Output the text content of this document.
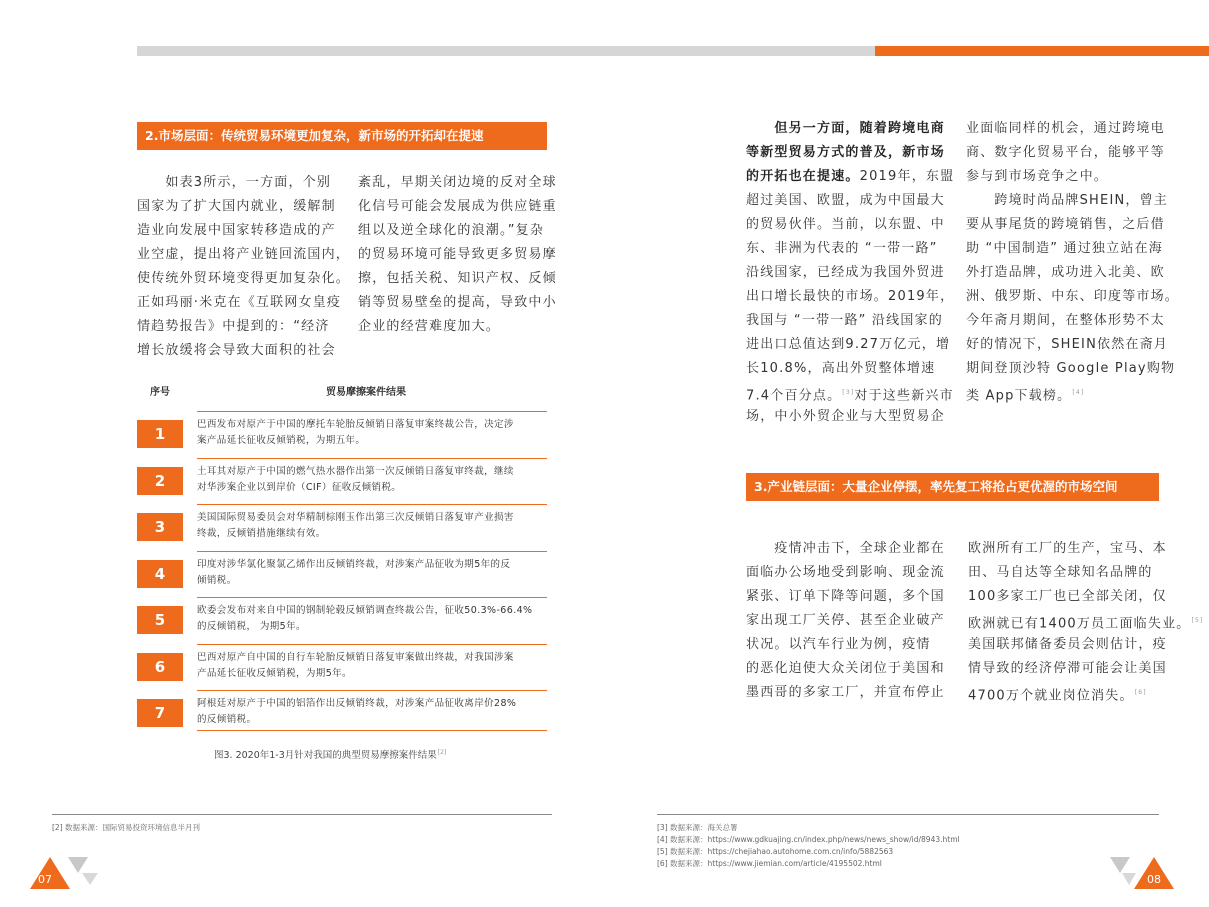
2.市场层面：传统贸易环境更加复杂，新市场的开拓却在提速
　　如表3所示，一方面，个别
国家为了扩大国内就业，缓解制
造业向发展中国家转移造成的产
业空虚，提出将产业链回流国内，
使传统外贸环境变得更加复杂化。
正如玛丽·米克在《互联网女皇疫
情趋势报告》中提到的：“经济
增长放缓将会导致大面积的社会
紊乱，早期关闭边境的反对全球
化信号可能会发展成为供应链重
组以及逆全球化的浪潮。”复杂
的贸易环境可能导致更多贸易摩
擦，包括关税、知识产权、反倾
销等贸易壁垒的提高，导致中小
企业的经营难度加大。
序号	贸易摩擦案件结果
1
巴西发布对原产于中国的摩托车轮胎反倾销日落复审案终裁公告，决定涉
案产品延长征收反倾销税，为期五年。
2
土耳其对原产于中国的燃气热水器作出第一次反倾销日落复审终裁，继续
对华涉案企业以到岸价（CIF）征收反倾销税。
3
美国国际贸易委员会对华精制棕刚玉作出第三次反倾销日落复审产业损害
终裁，反倾销措施继续有效。
4
印度对涉华氯化聚氯乙烯作出反倾销终裁，对涉案产品征收为期5年的反
倾销税。
5
欧委会发布对来自中国的钢制轮毂反倾销调查终裁公告，征收50.3%-66.4%
的反倾销税， 为期5年。
6
巴西对原产自中国的自行车轮胎反倾销日落复审案做出终裁，对我国涉案
产品延长征收反倾销税，为期5年。
7
阿根廷对原产于中国的铝箔作出反倾销终裁，对涉案产品征收离岸价28%
的反倾销税。
图3. 2020年1-3月针对我国的典型贸易摩擦案件结果[2]
[2] 数据来源：国际贸易投资环境信息半月刊
07
　　但另一方面，随着跨境电商
等新型贸易方式的普及，新市场
的开拓也在提速。2019年，东盟
超过美国、欧盟，成为中国最大
的贸易伙伴。当前，以东盟、中
东、非洲为代表的 “一带一路”
沿线国家，已经成为我国外贸进
出口增长最快的市场。2019年，
我国与 “一带一路” 沿线国家的
进出口总值达到9.27万亿元，增
长10.8%，高出外贸整体增速
7.4个百分点。[3]对于这些新兴市
场，中小外贸企业与大型贸易企
业面临同样的机会，通过跨境电
商、数字化贸易平台，能够平等
参与到市场竞争之中。
　　跨境时尚品牌SHEIN，曾主
要从事尾货的跨境销售，之后借
助 “中国制造” 通过独立站在海
外打造品牌，成功进入北美、欧
洲、俄罗斯、中东、印度等市场。
今年斋月期间，在整体形势不太
好的情况下，SHEIN依然在斋月
期间登顶沙特 Google Play购物
类 App下载榜。[4]
3.产业链层面：大量企业停摆，率先复工将抢占更优渥的市场空间
　　疫情冲击下，全球企业都在
面临办公场地受到影响、现金流
紧张、订单下降等问题，多个国
家出现工厂关停、甚至企业破产
状况。以汽车行业为例，疫情
的恶化迫使大众关闭位于美国和
墨西哥的多家工厂，并宣布停止
欧洲所有工厂的生产，宝马、本
田、马自达等全球知名品牌的
100多家工厂也已全部关闭，仅
欧洲就已有1400万员工面临失业。[5]
美国联邦储备委员会则估计，疫
情导致的经济停滞可能会让美国
4700万个就业岗位消失。[6]
[3] 数据来源：海关总署
[4] 数据来源：https://www.gdkuajing.cn/index.php/news/news_show/id/8943.html
[5] 数据来源：https://chejiahao.autohome.com.cn/info/5882563
[6] 数据来源：https://www.jiemian.com/article/4195502.html
08
